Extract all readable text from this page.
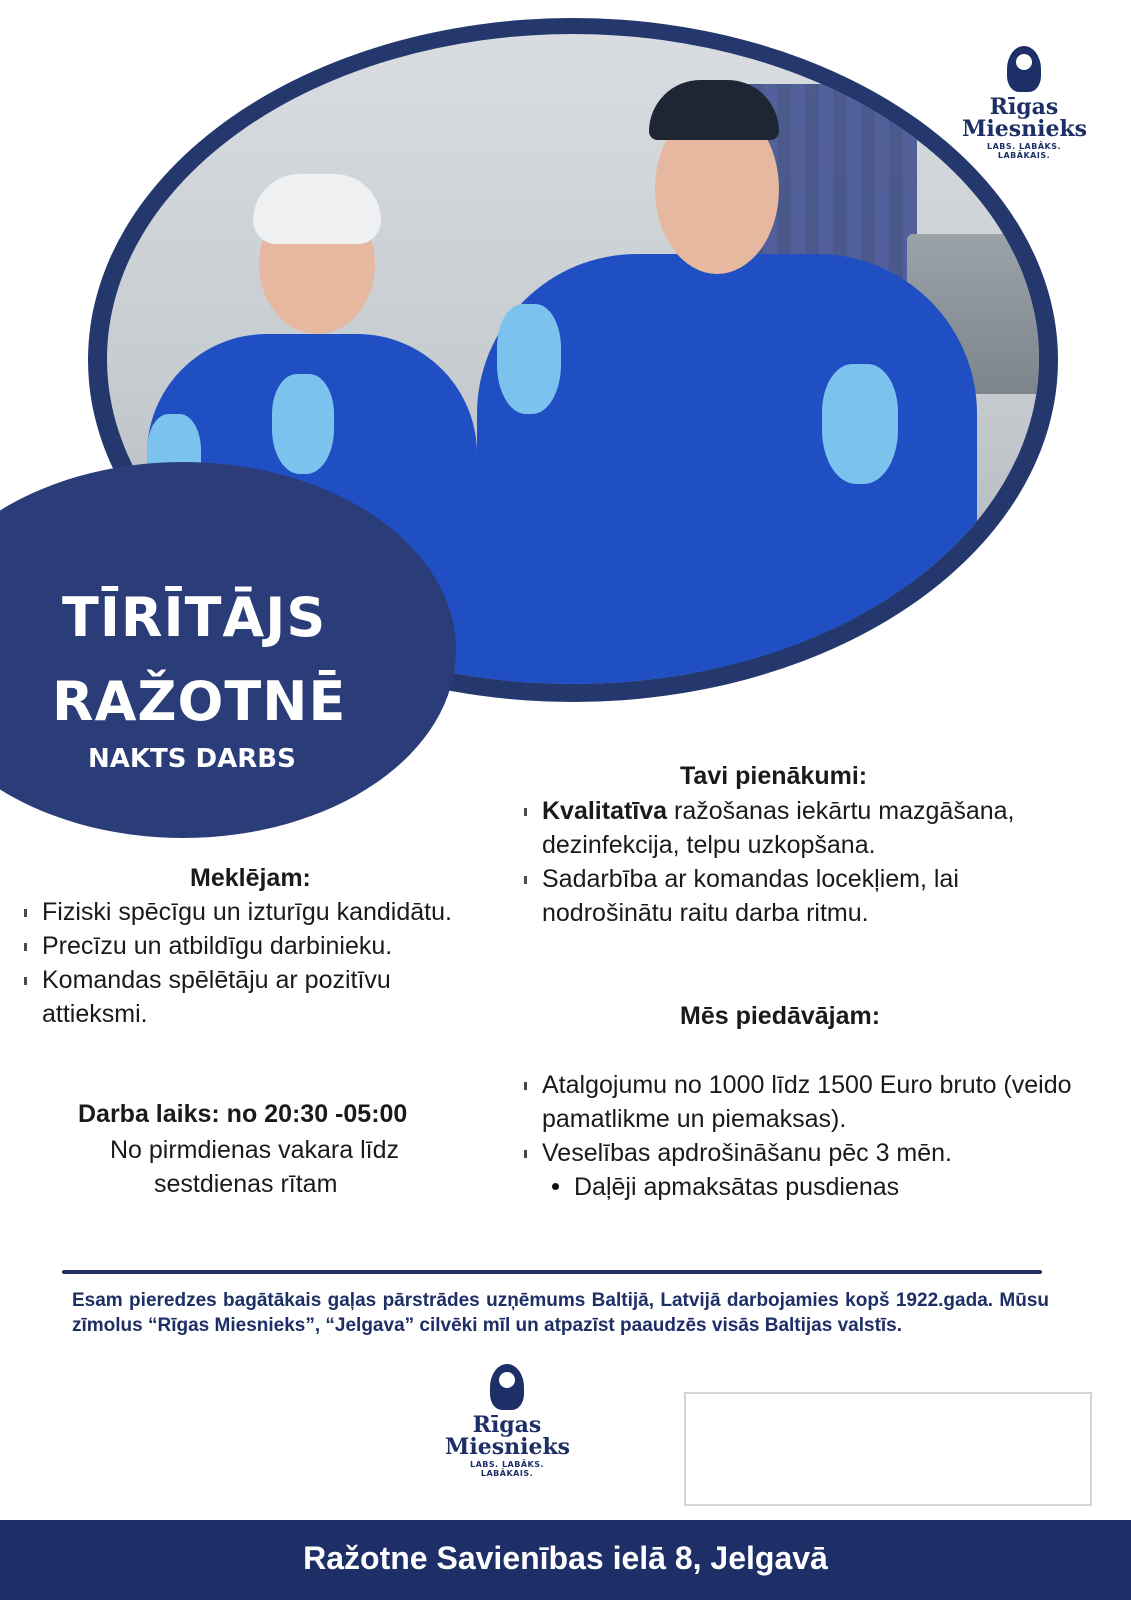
TĪRĪTĀJS
RAŽOTNĒ
NAKTS DARBS
Rīgas
Miesnieks
LABS. LABĀKS. LABĀKAIS.
Meklējam:
Fiziski spēcīgu un izturīgu kandidātu.
Precīzu un atbildīgu darbinieku.
Komandas spēlētāju ar pozitīvu attieksmi.
Darba laiks: no 20:30 -05:00
No pirmdienas vakara līdz
sestdienas rītam
Tavi pienākumi:
Kvalitatīva ražošanas iekārtu mazgāšana, dezinfekcija, telpu uzkopšana.
Sadarbība ar komandas locekļiem, lai nodrošinātu raitu darba ritmu.
Mēs piedāvājam:
Atalgojumu no 1000 līdz 1500 Euro bruto (veido pamatlikme un piemaksas).
Veselības apdrošināšanu pēc 3 mēn.
Daļēji apmaksātas pusdienas
Esam pieredzes bagātākais gaļas pārstrādes uzņēmums Baltijā, Latvijā darbojamies kopš 1922.gada. Mūsu zīmolus “Rīgas Miesnieks”, “Jelgava” cilvēki mīl un atpazīst paaudzēs visās Baltijas valstīs.
Rīgas
Miesnieks
LABS. LABĀKS. LABĀKAIS.
Ražotne Savienības ielā 8, Jelgavā
